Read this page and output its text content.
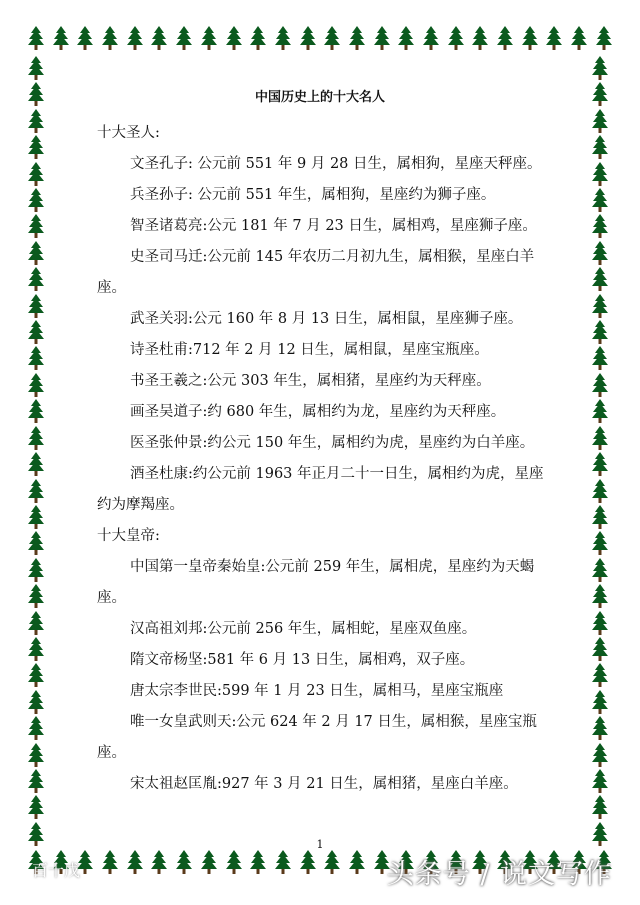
中国历史上的十大名人

十大圣人:

文圣孔子: 公元前 551 年 9 月 28 日生，属相狗，星座天秤座。

兵圣孙子: 公元前 551 年生，属相狗，星座约为狮子座。

智圣诸葛亮:公元 181 年 7 月 23 日生，属相鸡，星座狮子座。

史圣司马迁:公元前 145 年农历二月初九生，属相猴，星座白羊座。

武圣关羽:公元 160 年 8 月 13 日生，属相鼠，星座狮子座。

诗圣杜甫:712 年 2 月 12 日生，属相鼠，星座宝瓶座。

书圣王羲之:公元 303 年生，属相猪，星座约为天秤座。

画圣吴道子:约 680 年生，属相约为龙，星座约为天秤座。

医圣张仲景:约公元 150 年生，属相约为虎，星座约为白羊座。

酒圣杜康:约公元前 1963 年正月二十一日生，属相约为虎，星座约为摩羯座。

十大皇帝:

中国第一皇帝秦始皇:公元前 259 年生，属相虎，星座约为天蝎座。

汉高祖刘邦:公元前 256 年生，属相蛇，星座双鱼座。

隋文帝杨坚:581 年 6 月 13 日生，属相鸡，双子座。

唐太宗李世民:599 年 1 月 23 日生，属相马，星座宝瓶座

唯一女皇武则天:公元 624 年 2 月 17 日生，属相猴，星座宝瓶座。

宋太祖赵匡胤:927 年 3 月 21 日生，属相猪，星座白羊座。

1
百十戊	头条号 / 说文写作
